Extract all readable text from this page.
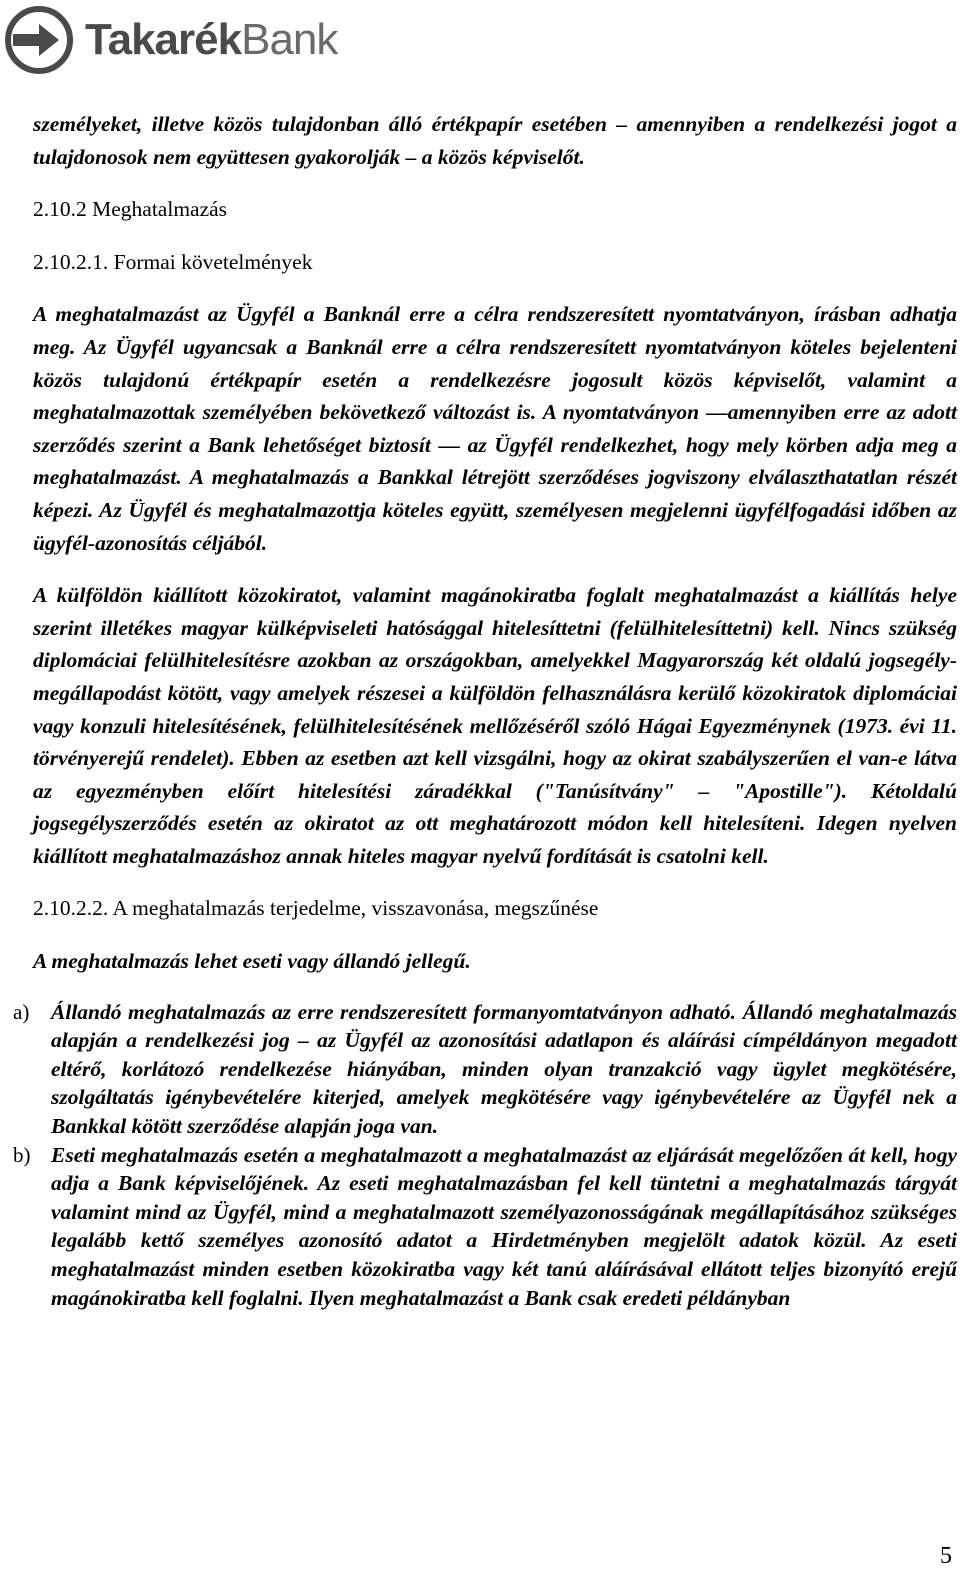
TakarékBank

személyeket, illetve közös tulajdonban álló értékpapír esetében – amennyiben a rendelkezési jogot a tulajdonosok nem együttesen gyakorolják – a közös képviselőt.

2.10.2 Meghatalmazás

2.10.2.1. Formai követelmények

A meghatalmazást az Ügyfél a Banknál erre a célra rendszeresített nyomtatványon, írásban adhatja meg. Az Ügyfél ugyancsak a Banknál erre a célra rendszeresített nyomtatványon köteles bejelenteni közös tulajdonú értékpapír esetén a rendelkezésre jogosult közös képviselőt, valamint a meghatalmazottak személyében bekövetkező változást is. A nyomtatványon —amennyiben erre az adott szerződés szerint a Bank lehetőséget biztosít — az Ügyfél rendelkezhet, hogy mely körben adja meg a meghatalmazást. A meghatalmazás a Bankkal létrejött szerződéses jogviszony elválaszthatatlan részét képezi. Az Ügyfél és meghatalmazottja köteles együtt, személyesen megjelenni ügyfélfogadási időben az ügyfél-azonosítás céljából.

A külföldön kiállított közokiratot, valamint magánokiratba foglalt meghatalmazást a kiállítás helye szerint illetékes magyar külképviseleti hatósággal hitelesíttetni (felülhitelesíttetni) kell. Nincs szükség diplomáciai felülhitelesítésre azokban az országokban, amelyekkel Magyarország két oldalú jogsegély-megállapodást kötött, vagy amelyek részesei a külföldön felhasználásra kerülő közokiratok diplomáciai vagy konzuli hitelesítésének, felülhitelesítésének mellőzéséről szóló Hágai Egyezménynek (1973. évi 11. törvényerejű rendelet). Ebben az esetben azt kell vizsgálni, hogy az okirat szabályszerűen el van-e látva az egyezményben előírt hitelesítési záradékkal ("Tanúsítvány" – "Apostille"). Kétoldalú jogsegélyszerződés esetén az okiratot az ott meghatározott módon kell hitelesíteni. Idegen nyelven kiállított meghatalmazáshoz annak hiteles magyar nyelvű fordítását is csatolni kell.

2.10.2.2. A meghatalmazás terjedelme, visszavonása, megszűnése

A meghatalmazás lehet eseti vagy állandó jellegű.

a)	Állandó meghatalmazás az erre rendszeresített formanyomtatványon adható. Állandó meghatalmazás alapján a rendelkezési jog – az Ügyfél az azonosítási adatlapon és aláírási címpéldányon megadott eltérő, korlátozó rendelkezése hiányában, minden olyan tranzakció vagy ügylet megkötésére, szolgáltatás igénybevételére kiterjed, amelyek megkötésére vagy igénybevételére az Ügyfél nek a Bankkal kötött szerződése alapján joga van.

b) Eseti meghatalmazás esetén a meghatalmazott a meghatalmazást az eljárását megelőzően át kell, hogy adja a Bank képviselőjének. Az eseti meghatalmazásban fel kell tüntetni a meghatalmazás tárgyát valamint mind az Ügyfél, mind a meghatalmazott személyazonosságának megállapításához szükséges legalább kettő személyes azonosító adatot a Hirdetményben megjelölt adatok közül. Az eseti meghatalmazást minden esetben közokiratba vagy két tanú aláírásával ellátott teljes bizonyító erejű magánokiratba kell foglalni. Ilyen meghatalmazást a Bank csak eredeti példányban

5
